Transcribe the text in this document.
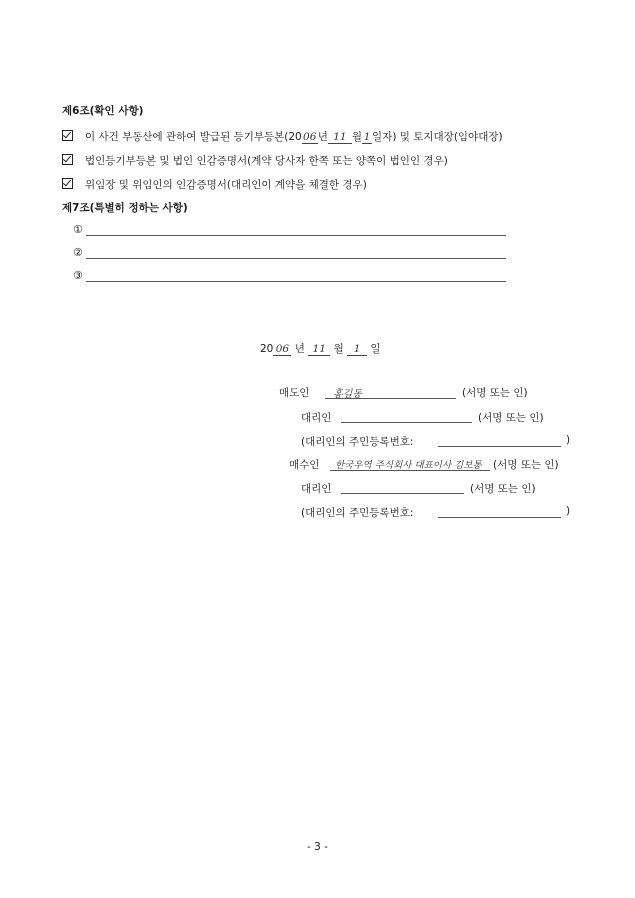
제6조(확인 사항)
이 사건 부동산에 관하여 발급된 등기부등본(2006년 11 월 1 일자) 및 토지대장(임야대장)
법인등기부등본 및 법인 인감증명서(계약 당사자 한쪽 또는 양쪽이 법인인 경우)
위임장 및 위임인의 인감증명서(대리인이 계약을 체결한 경우)
제7조(특별히 정하는 사항)
①
②
③
20 06 년 11 월 1 일
매도인 홍길동	(서명 또는 인)
대리인	(서명 또는 인)
(대리인의 주민등록번호:	)
매수인 한국우역 주식회사 대표이사 김보통 (서명 또는 인)
대리인	(서명 또는 인)
(대리인의 주민등록번호:	)
- 3 -
